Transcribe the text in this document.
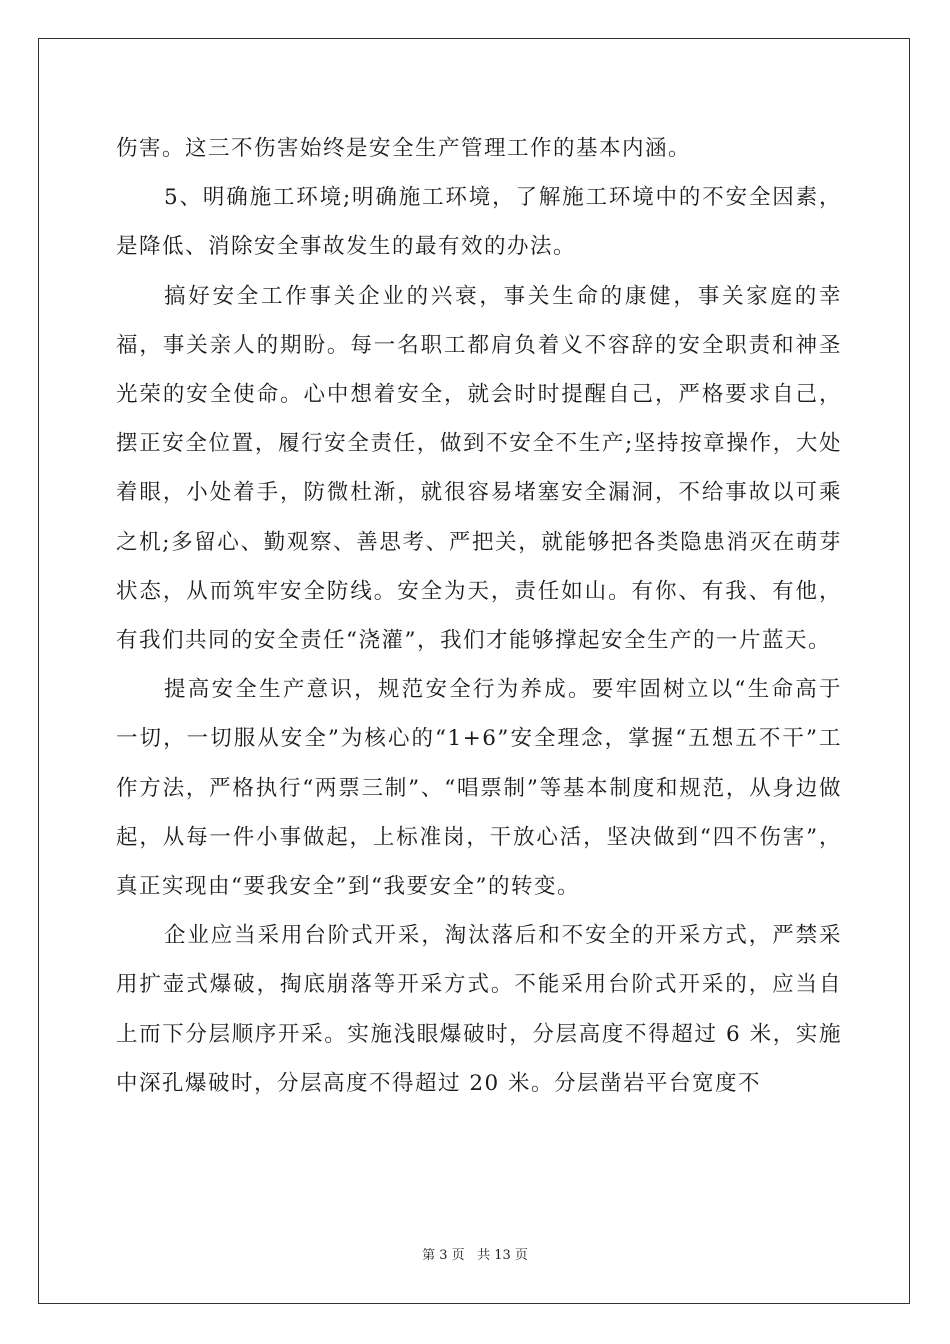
伤害。这三不伤害始终是安全生产管理工作的基本内涵。

5、明确施工环境;明确施工环境，了解施工环境中的不安全因素，是降低、消除安全事故发生的最有效的办法。

搞好安全工作事关企业的兴衰，事关生命的康健，事关家庭的幸福，事关亲人的期盼。每一名职工都肩负着义不容辞的安全职责和神圣光荣的安全使命。心中想着安全，就会时时提醒自己，严格要求自己，摆正安全位置，履行安全责任，做到不安全不生产;坚持按章操作，大处着眼，小处着手，防微杜渐，就很容易堵塞安全漏洞，不给事故以可乘之机;多留心、勤观察、善思考、严把关，就能够把各类隐患消灭在萌芽状态，从而筑牢安全防线。安全为天，责任如山。有你、有我、有他，有我们共同的安全责任“浇灌”，我们才能够撑起安全生产的一片蓝天。

提高安全生产意识，规范安全行为养成。要牢固树立以“生命高于一切，一切服从安全”为核心的“1+6”安全理念，掌握“五想五不干”工作方法，严格执行“两票三制”、“唱票制”等基本制度和规范，从身边做起，从每一件小事做起，上标准岗，干放心活，坚决做到“四不伤害”，真正实现由“要我安全”到“我要安全”的转变。

企业应当采用台阶式开采，淘汰落后和不安全的开采方式，严禁采用扩壶式爆破，掏底崩落等开采方式。不能采用台阶式开采的，应当自上而下分层顺序开采。实施浅眼爆破时，分层高度不得超过 6 米，实施中深孔爆破时，分层高度不得超过 20 米。分层凿岩平台宽度不

第 3 页 共 13 页
